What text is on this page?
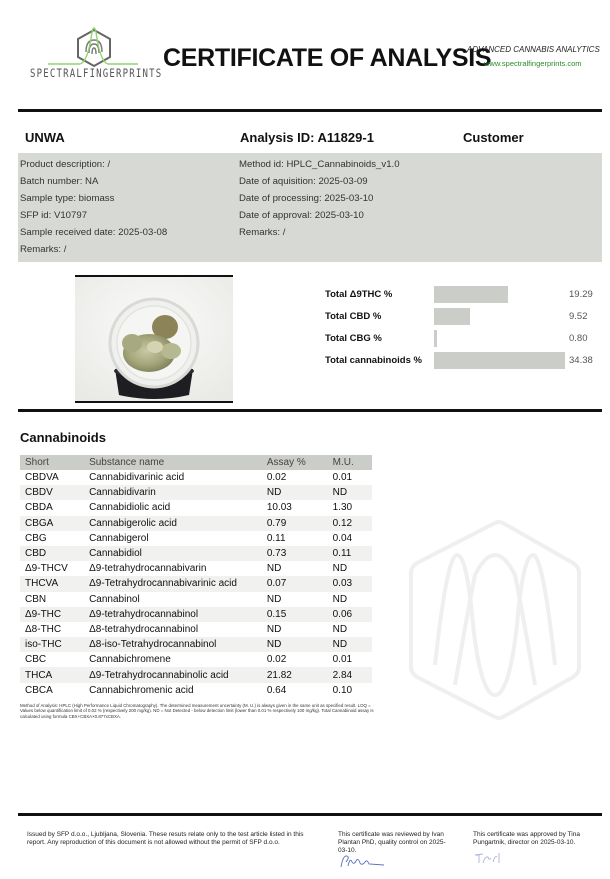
SPECTRALFINGERPRINTS
CERTIFICATE OF ANALYSIS
ADVANCED CANNABIS ANALYTICS
www.spectralfingerprints.com
UNWA	Analysis ID: A11829-1	Customer
Product description: /
Batch number: NA
Sample type: biomass
SFP id: V10797
Sample received date: 2025-03-08
Remarks: /
Method id: HPLC_Cannabinoids_v1.0
Date of aquisition: 2025-03-09
Date of processing: 2025-03-10
Date of approval: 2025-03-10
Remarks: /
Total Δ9THC %	19.29
Total CBD %	9.52
Total CBG %	0.80
Total cannabinoids %	34.38
Cannabinoids
Short	Substance name	Assay %	M.U.
CBDVA	Cannabidivarinic acid	0.02	0.01
CBDV	Cannabidivarin	ND	ND
CBDA	Cannabidiolic acid	10.03	1.30
CBGA	Cannabigerolic acid	0.79	0.12
CBG	Cannabigerol	0.11	0.04
CBD	Cannabidiol	0.73	0.11
Δ9-THCV	Δ9-tetrahydrocannabivarin	ND	ND
THCVA	Δ9-Tetrahydrocannabivarinic acid	0.07	0.03
CBN	Cannabinol	ND	ND
Δ9-THC	Δ9-tetrahydrocannabinol	0.15	0.06
Δ8-THC	Δ8-tetrahydrocannabinol	ND	ND
iso-THC	Δ8-iso-Tetrahydrocannabinol	ND	ND
CBC	Cannabichromene	0.02	0.01
THCA	Δ9-Tetrahydrocannabinolic acid	21.82	2.84
CBCA	Cannabichromenic acid	0.64	0.10
Method of Analysis: HPLC (High Performance Liquid Chromatography). The determined measurement uncertainty (M. U.) is always given in the same unit as specified result. LOQ = Values below quantification limit of 0.02 % (respectively 200 mg/kg). ND = Not Detected - below detection limit (lower than 0.01 % respectively 100 mg/kg). Total Cannabinoid assay is calculated using formula CBX+CBXA×0.877xCBXA.
Issued by SFP d.o.o., Ljubljana, Slovenia. These resuts relate only to the test article listed in this report. Any reproduction of this document is not allowed without the permit of SFP d.o.o.
This certificate was reviewed by Ivan Plantan PhD, quality control on 2025-03-10.
This certificate was approved by Tina Pungartnik, director on 2025-03-10.
